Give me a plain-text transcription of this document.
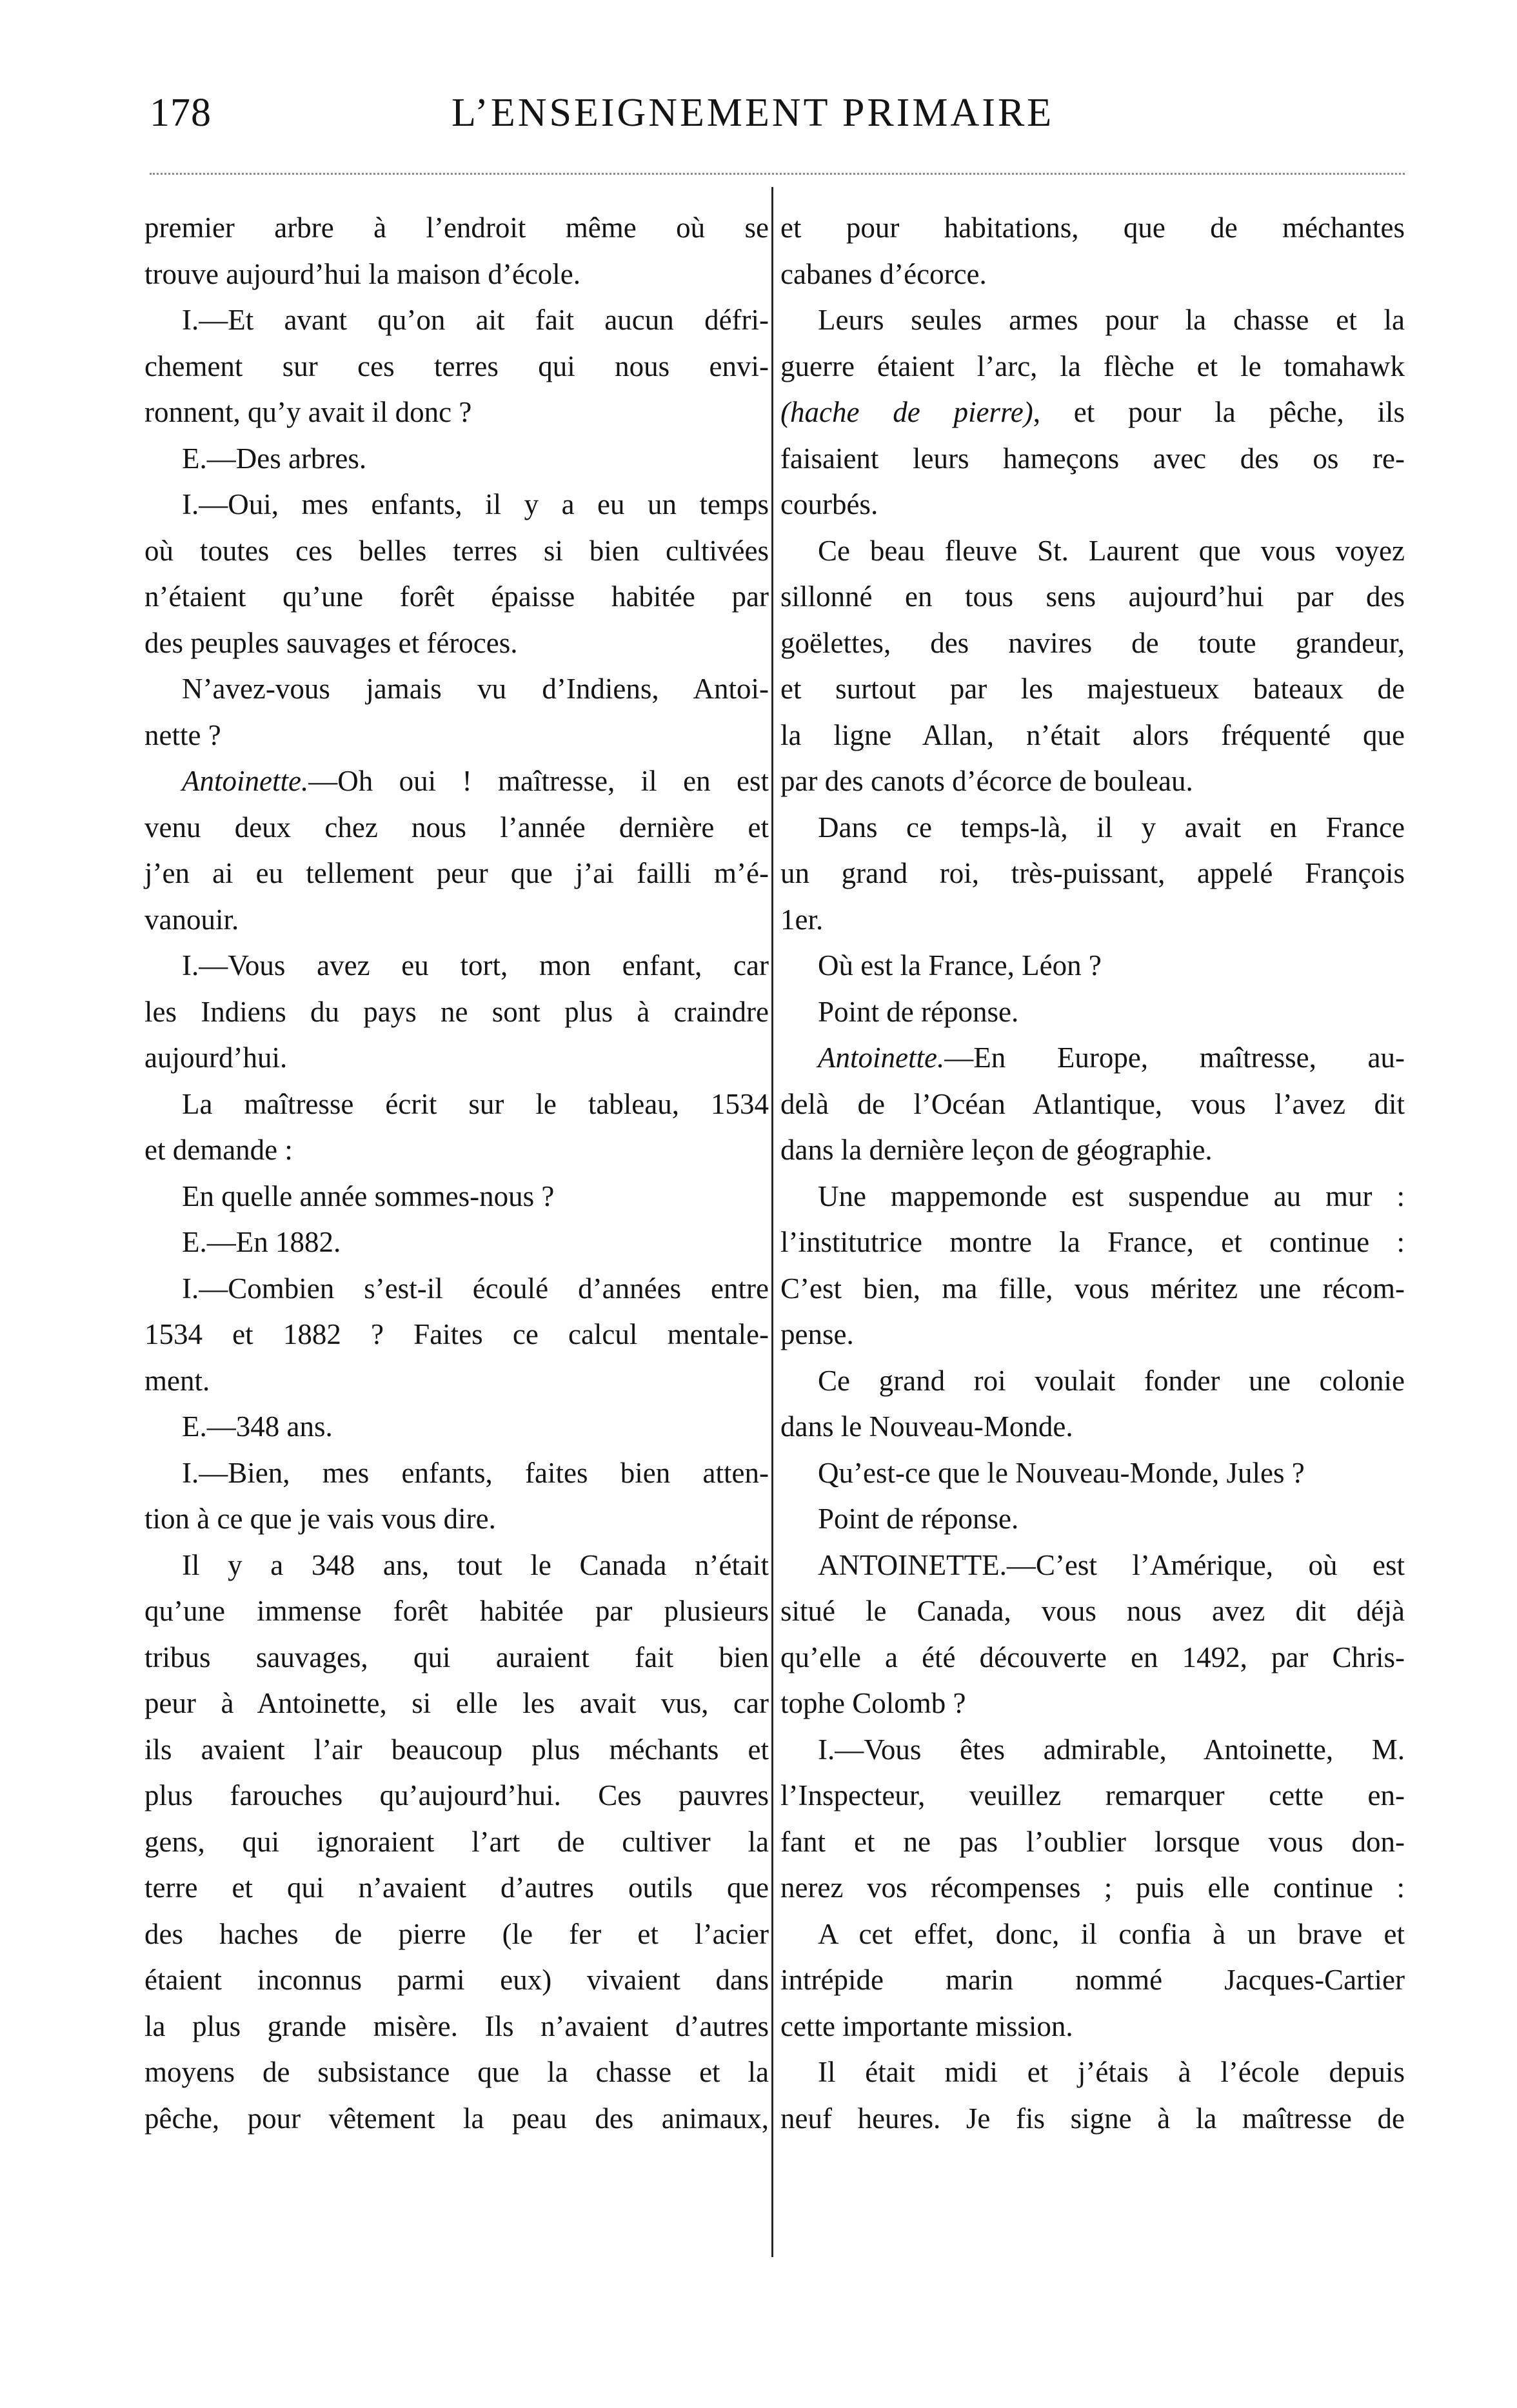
178	L’ENSEIGNEMENT PRIMAIRE
premier arbre à l’endroit même où se
trouve aujourd’hui la maison d’école.
I.—Et avant qu’on ait fait aucun défri-
chement sur ces terres qui nous envi-
ronnent, qu’y avait il donc ?
E.—Des arbres.
I.—Oui, mes enfants, il y a eu un temps
où toutes ces belles terres si bien cultivées
n’étaient qu’une forêt épaisse habitée par
des peuples sauvages et féroces.
N’avez-vous jamais vu d’Indiens, Antoi-
nette ?
Antoinette.—Oh oui ! maîtresse, il en est
venu deux chez nous l’année dernière et
j’en ai eu tellement peur que j’ai failli m’é-
vanouir.
I.—Vous avez eu tort, mon enfant, car
les Indiens du pays ne sont plus à craindre
aujourd’hui.
La maîtresse écrit sur le tableau, 1534
et demande :
En quelle année sommes-nous ?
E.—En 1882.
I.—Combien s’est-il écoulé d’années entre
1534 et 1882 ? Faites ce calcul mentale-
ment.
E.—348 ans.
I.—Bien, mes enfants, faites bien atten-
tion à ce que je vais vous dire.
Il y a 348 ans, tout le Canada n’était
qu’une immense forêt habitée par plusieurs
tribus sauvages, qui auraient fait bien
peur à Antoinette, si elle les avait vus, car
ils avaient l’air beaucoup plus méchants et
plus farouches qu’aujourd’hui. Ces pauvres
gens, qui ignoraient l’art de cultiver la
terre et qui n’avaient d’autres outils que
des haches de pierre (le fer et l’acier
étaient inconnus parmi eux) vivaient dans
la plus grande misère. Ils n’avaient d’autres
moyens de subsistance que la chasse et la
pêche, pour vêtement la peau des animaux,
et pour habitations, que de méchantes
cabanes d’écorce.
Leurs seules armes pour la chasse et la
guerre étaient l’arc, la flèche et le tomahawk
(hache de pierre), et pour la pêche, ils
faisaient leurs hameçons avec des os re-
courbés.
Ce beau fleuve St. Laurent que vous voyez
sillonné en tous sens aujourd’hui par des
goëlettes, des navires de toute grandeur,
et surtout par les majestueux bateaux de
la ligne Allan, n’était alors fréquenté que
par des canots d’écorce de bouleau.
Dans ce temps-là, il y avait en France
un grand roi, très-puissant, appelé François
1er.
Où est la France, Léon ?
Point de réponse.
Antoinette.—En Europe, maîtresse, au-
delà de l’Océan Atlantique, vous l’avez dit
dans la dernière leçon de géographie.
Une mappemonde est suspendue au mur :
l’institutrice montre la France, et continue :
C’est bien, ma fille, vous méritez une récom-
pense.
Ce grand roi voulait fonder une colonie
dans le Nouveau-Monde.
Qu’est-ce que le Nouveau-Monde, Jules ?
Point de réponse.
ANTOINETTE.—C’est l’Amérique, où est
situé le Canada, vous nous avez dit déjà
qu’elle a été découverte en 1492, par Chris-
tophe Colomb ?
I.—Vous êtes admirable, Antoinette, M.
l’Inspecteur, veuillez remarquer cette en-
fant et ne pas l’oublier lorsque vous don-
nerez vos récompenses ; puis elle continue :
A cet effet, donc, il confia à un brave et
intrépide marin nommé Jacques-Cartier
cette importante mission.
Il était midi et j’étais à l’école depuis
neuf heures. Je fis signe à la maîtresse de
